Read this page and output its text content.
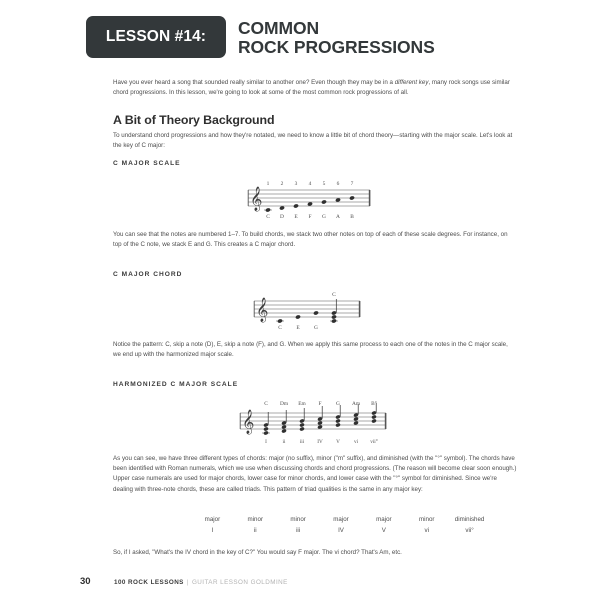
LESSON #14: COMMON
ROCK PROGRESSIONS

Have you ever heard a song that sounded really similar to another one? Even though they may be in a different key, many rock songs use similar chord progressions. In this lesson, we're going to look at some of the most common rock progressions of all.

A Bit of Theory Background

To understand chord progressions and how they're notated, we need to know a little bit of chord theory—starting with the major scale. Let's look at the key of C major:

C MAJOR SCALE
1 2 3 4 5 6 7
𝄞
C D E F G A B

You can see that the notes are numbered 1–7. To build chords, we stack two other notes on top of each of these scale degrees. For instance, on top of the C note, we stack E and G. This creates a C major chord.

C MAJOR CHORD
C
𝄞
C	E	G

Notice the pattern: C, skip a note (D), E, skip a note (F), and G. When we apply this same process to each one of the notes in the C major scale, we end up with the harmonized major scale.

HARMONIZED C MAJOR SCALE
C Dm Em F	G Am B°
𝄞
I	ii	iii	IV	V	vi vii°

As you can see, we have three different types of chords: major (no suffix), minor ("m" suffix), and diminished (with the "°" symbol). The chords have been identified with Roman numerals, which we use when discussing chords and chord progressions. (The reason will become clear soon enough.) Upper case numerals are used for major chords, lower case for minor chords, and lower case with the "°" symbol for diminished. Since we're dealing with three-note chords, these are called triads. This pattern of triad qualities is the same in any major key:

major	minor	minor	major	major	minor	diminished
I	ii	iii	IV	V	vi	vii°

So, if I asked, "What's the IV chord in the key of C?" You would say F major. The vi chord? That's Am, etc.

30	100 ROCK LESSONS | GUITAR LESSON GOLDMINE
